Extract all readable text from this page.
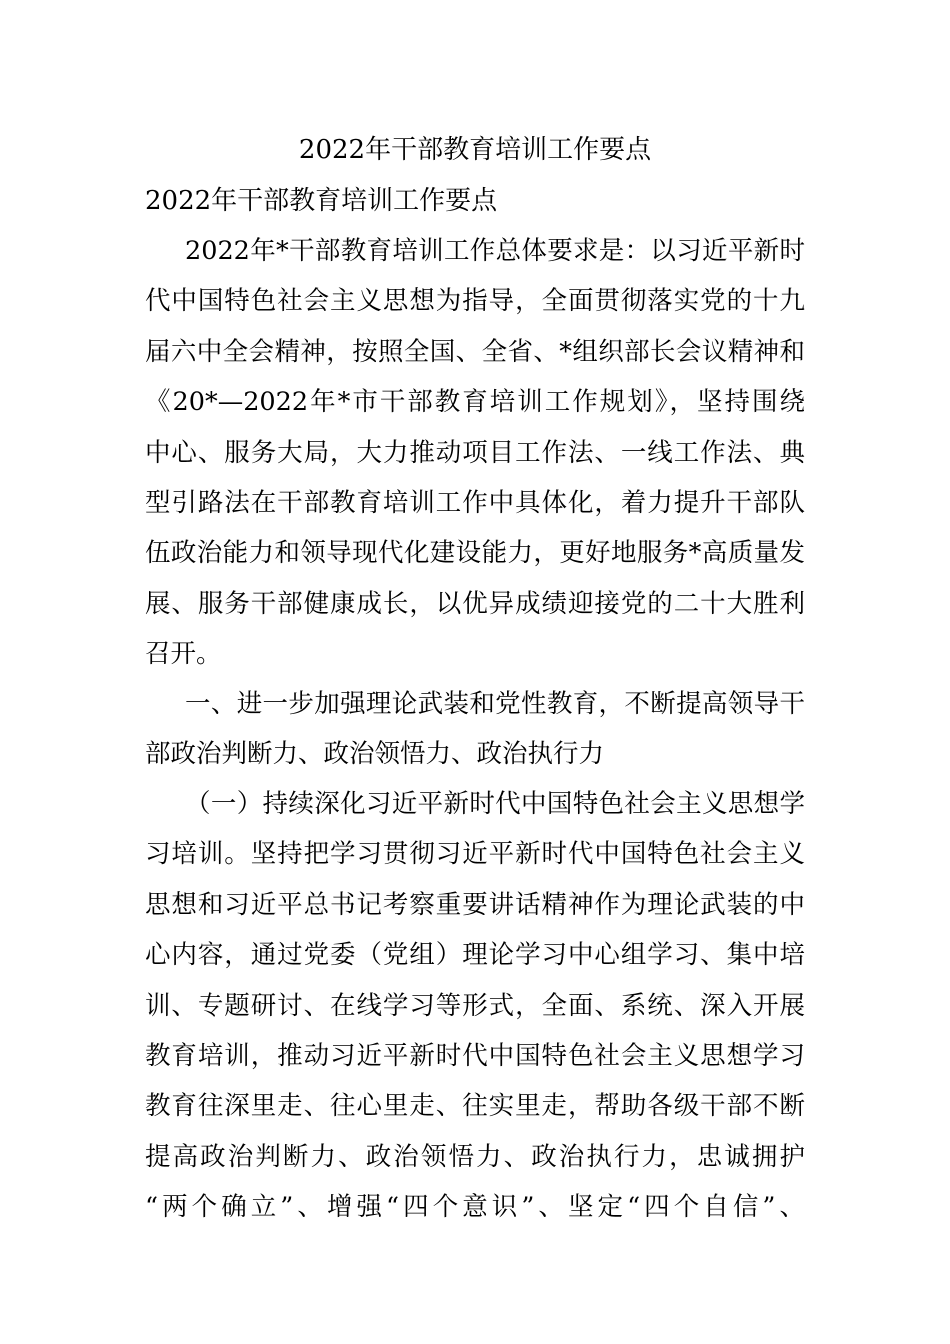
2022年干部教育培训工作要点
2022年干部教育培训工作要点
2022年*干部教育培训工作总体要求是：以习近平新时
代中国特色社会主义思想为指导，全面贯彻落实党的十九
届六中全会精神，按照全国、全省、*组织部长会议精神和
《20*—2022年*市干部教育培训工作规划》，坚持围绕
中心、服务大局，大力推动项目工作法、一线工作法、典
型引路法在干部教育培训工作中具体化，着力提升干部队
伍政治能力和领导现代化建设能力，更好地服务*高质量发
展、服务干部健康成长，以优异成绩迎接党的二十大胜利
召开。
一、进一步加强理论武装和党性教育，不断提高领导干
部政治判断力、政治领悟力、政治执行力
（一）持续深化习近平新时代中国特色社会主义思想学
习培训。坚持把学习贯彻习近平新时代中国特色社会主义
思想和习近平总书记考察重要讲话精神作为理论武装的中
心内容，通过党委（党组）理论学习中心组学习、集中培
训、专题研讨、在线学习等形式，全面、系统、深入开展
教育培训，推动习近平新时代中国特色社会主义思想学习
教育往深里走、往心里走、往实里走，帮助各级干部不断
提高政治判断力、政治领悟力、政治执行力，忠诚拥护
“两个确立”、增强“四个意识”、坚定“四个自信”、
